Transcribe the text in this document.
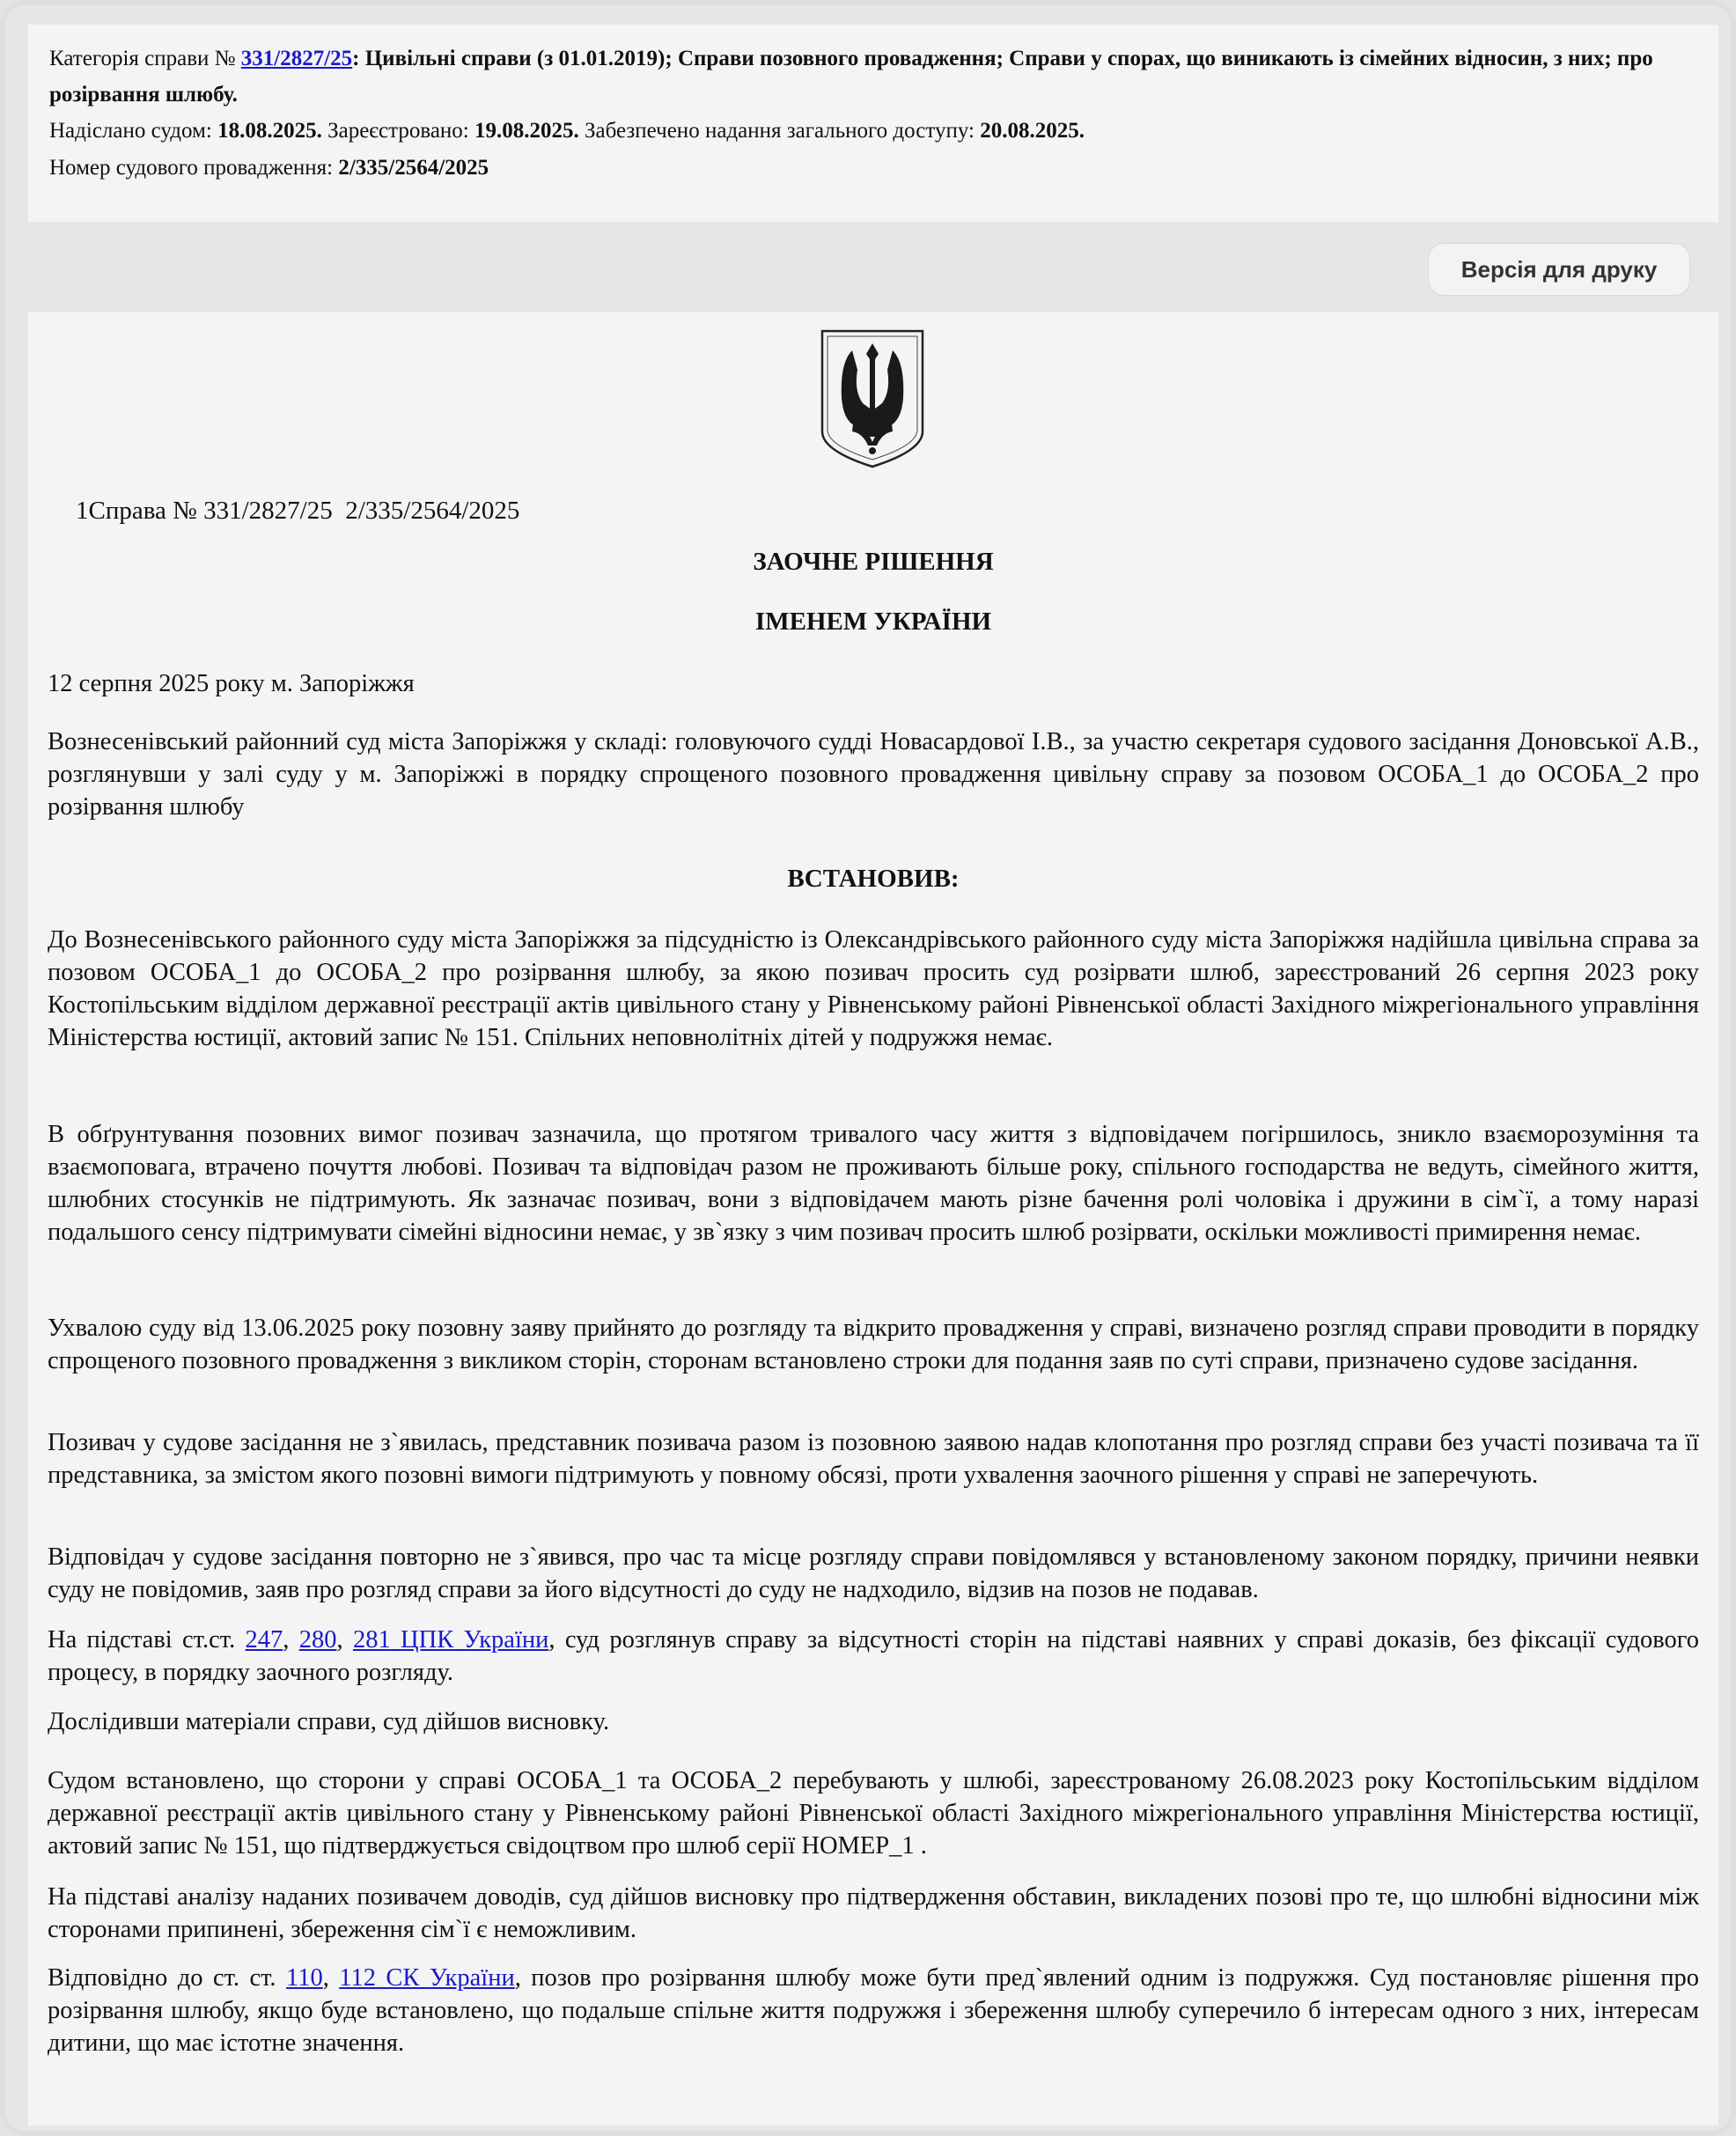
Категорія справи № 331/2827/25: Цивільні справи (з 01.01.2019); Справи позовного провадження; Справи у спорах, що виникають із сімейних відносин, з них; про розірвання шлюбу.
Надіслано судом: 18.08.2025. Зареєстровано: 19.08.2025. Забезпечено надання загального доступу: 20.08.2025.
Номер судового провадження: 2/335/2564/2025
Версія для друку
1Справа № 331/2827/25  2/335/2564/2025
ЗАОЧНЕ РІШЕННЯ
ІМЕНЕМ УКРАЇНИ
12 серпня 2025 року м. Запоріжжя
Вознесенівський районний суд міста Запоріжжя у складі: головуючого судді Новасардової І.В., за участю секретаря судового засідання Доновської А.В., розглянувши у залі суду у м. Запоріжжі в порядку спрощеного позовного провадження цивільну справу за позовом ОСОБА_1 до ОСОБА_2 про розірвання шлюбу
ВСТАНОВИВ:
До Вознесенівського районного суду міста Запоріжжя за підсудністю із Олександрівського районного суду міста Запоріжжя надійшла цивільна справа за позовом ОСОБА_1 до ОСОБА_2 про розірвання шлюбу, за якою позивач просить суд розірвати шлюб, зареєстрований 26 серпня 2023 року Костопільським відділом державної реєстрації актів цивільного стану у Рівненському районі Рівненської області Західного міжрегіонального управління Міністерства юстиції, актовий запис № 151. Спільних неповнолітніх дітей у подружжя немає.
В обґрунтування позовних вимог позивач зазначила, що протягом тривалого часу життя з відповідачем погіршилось, зникло взаєморозуміння та взаємоповага, втрачено почуття любові. Позивач та відповідач разом не проживають більше року, спільного господарства не ведуть, сімейного життя, шлюбних стосунків не підтримують. Як зазначає позивач, вони з відповідачем мають різне бачення ролі чоловіка і дружини в сім`ї, а тому наразі подальшого сенсу підтримувати сімейні відносини немає, у зв`язку з чим позивач просить шлюб розірвати, оскільки можливості примирення немає.
Ухвалою суду від 13.06.2025 року позовну заяву прийнято до розгляду та відкрито провадження у справі, визначено розгляд справи проводити в порядку спрощеного позовного провадження з викликом сторін, сторонам встановлено строки для подання заяв по суті справи, призначено судове засідання.
Позивач у судове засідання не з`явилась, представник позивача разом із позовною заявою надав клопотання про розгляд справи без участі позивача та її представника, за змістом якого позовні вимоги підтримують у повному обсязі, проти ухвалення заочного рішення у справі не заперечують.
Відповідач у судове засідання повторно не з`явився, про час та місце розгляду справи повідомлявся у встановленому законом порядку, причини неявки суду не повідомив, заяв про розгляд справи за його відсутності до суду не надходило, відзив на позов не подавав.
На підставі ст.ст. 247, 280, 281 ЦПК України, суд розглянув справу за відсутності сторін на підставі наявних у справі доказів, без фіксації судового процесу, в порядку заочного розгляду.
Дослідивши матеріали справи, суд дійшов висновку.
Судом встановлено, що сторони у справі ОСОБА_1 та ОСОБА_2 перебувають у шлюбі, зареєстрованому 26.08.2023 року Костопільським відділом державної реєстрації актів цивільного стану у Рівненському районі Рівненської області Західного міжрегіонального управління Міністерства юстиції, актовий запис № 151, що підтверджується свідоцтвом про шлюб серії НОМЕР_1 .
На підставі аналізу наданих позивачем доводів, суд дійшов висновку про підтвердження обставин, викладених позові про те, що шлюбні відносини між сторонами припинені, збереження сім`ї є неможливим.
Відповідно до ст. ст. 110, 112 СК України, позов про розірвання шлюбу може бути пред`явлений одним із подружжя. Суд постановляє рішення про розірвання шлюбу, якщо буде встановлено, що подальше спільне життя подружжя і збереження шлюбу суперечило б інтересам одного з них, інтересам дитини, що має істотне значення.
